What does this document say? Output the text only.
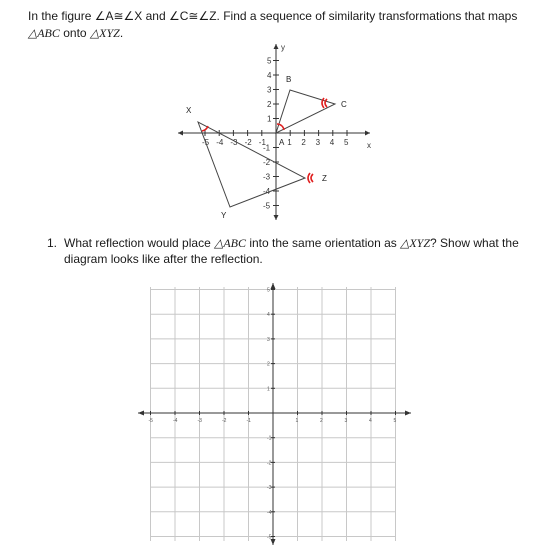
In the figure ∠A≅∠X and ∠C≅∠Z. Find a sequence of similarity transformations that maps
△ABC onto △XYZ.
x
y
-5 -4 -3 -2 -1	1 2 3 4 5
5
4
3
2
1
-1
-2
-3
-4
-5
A
B
C
X
Y
Z
1. What reflection would place △ABC into the same orientation as △XYZ? Show what the
diagram looks like after the reflection.
-5	-4	-3	-2	-1	1	2	3	4	5
5
4
3
2
1
-1
-2
-3
-4
-5
